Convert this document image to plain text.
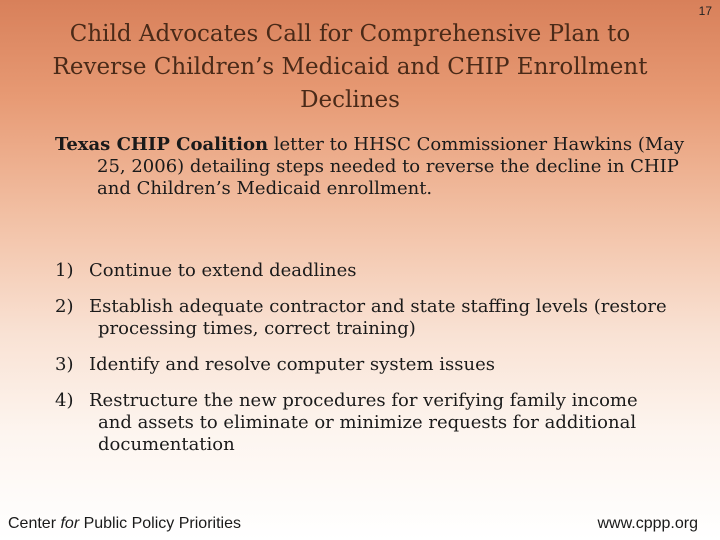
17
Child Advocates Call for Comprehensive Plan to Reverse Children’s Medicaid and CHIP Enrollment Declines

Texas CHIP Coalition letter to HHSC Commissioner Hawkins (May 25, 2006) detailing steps needed to reverse the decline in CHIP and Children’s Medicaid enrollment.

1) Continue to extend deadlines
2) Establish adequate contractor and state staffing levels (restore processing times, correct training)
3) Identify and resolve computer system issues
4) Restructure the new procedures for verifying family income and assets to eliminate or minimize requests for additional documentation
Center for Public Policy Priorities	www.cppp.org
